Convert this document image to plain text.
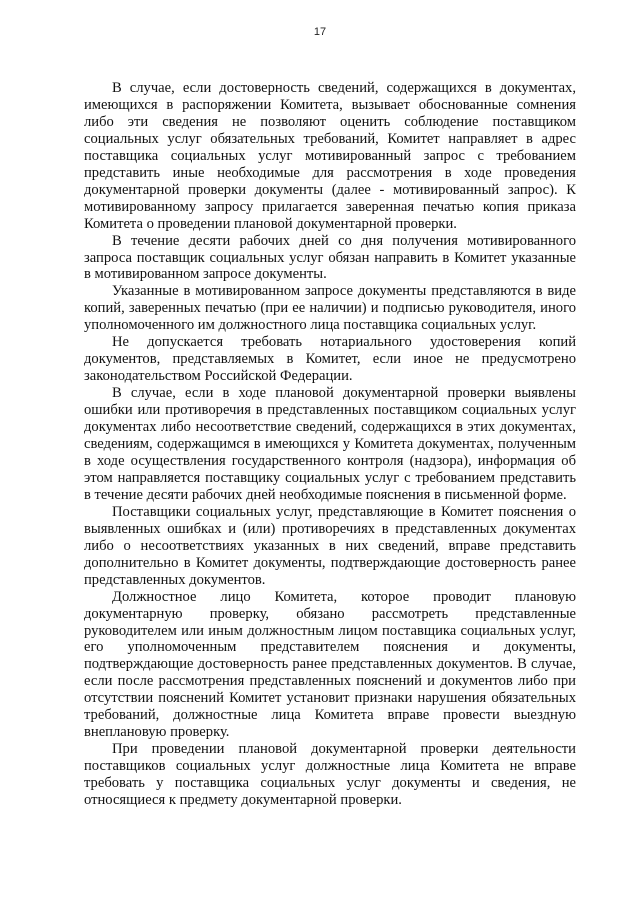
17

В случае, если достоверность сведений, содержащихся в документах, имеющихся в распоряжении Комитета, вызывает обоснованные сомнения либо эти сведения не позволяют оценить соблюдение поставщиком социальных услуг обязательных требований, Комитет направляет в адрес поставщика социальных услуг мотивированный запрос с требованием представить иные необходимые для рассмотрения в ходе проведения документарной проверки документы (далее - мотивированный запрос). К мотивированному запросу прилагается заверенная печатью копия приказа Комитета о проведении плановой документарной проверки.

В течение десяти рабочих дней со дня получения мотивированного запроса поставщик социальных услуг обязан направить в Комитет указанные в мотивированном запросе документы.

Указанные в мотивированном запросе документы представляются в виде копий, заверенных печатью (при ее наличии) и подписью руководителя, иного уполномоченного им должностного лица поставщика социальных услуг.

Не допускается требовать нотариального удостоверения копий документов, представляемых в Комитет, если иное не предусмотрено законодательством Российской Федерации.

В случае, если в ходе плановой документарной проверки выявлены ошибки или противоречия в представленных поставщиком социальных услуг документах либо несоответствие сведений, содержащихся в этих документах, сведениям, содержащимся в имеющихся у Комитета документах, полученным в ходе осуществления государственного контроля (надзора), информация об этом направляется поставщику социальных услуг с требованием представить в течение десяти рабочих дней необходимые пояснения в письменной форме.

Поставщики социальных услуг, представляющие в Комитет пояснения о выявленных ошибках и (или) противоречиях в представленных документах либо о несоответствиях указанных в них сведений, вправе представить дополнительно в Комитет документы, подтверждающие достоверность ранее представленных документов.

Должностное лицо Комитета, которое проводит плановую документарную проверку, обязано рассмотреть представленные руководителем или иным должностным лицом поставщика социальных услуг, его уполномоченным представителем пояснения и документы, подтверждающие достоверность ранее представленных документов. В случае, если после рассмотрения представленных пояснений и документов либо при отсутствии пояснений Комитет установит признаки нарушения обязательных требований, должностные лица Комитета вправе провести выездную внеплановую проверку.

При проведении плановой документарной проверки деятельности поставщиков социальных услуг должностные лица Комитета не вправе требовать у поставщика социальных услуг документы и сведения, не относящиеся к предмету документарной проверки.
